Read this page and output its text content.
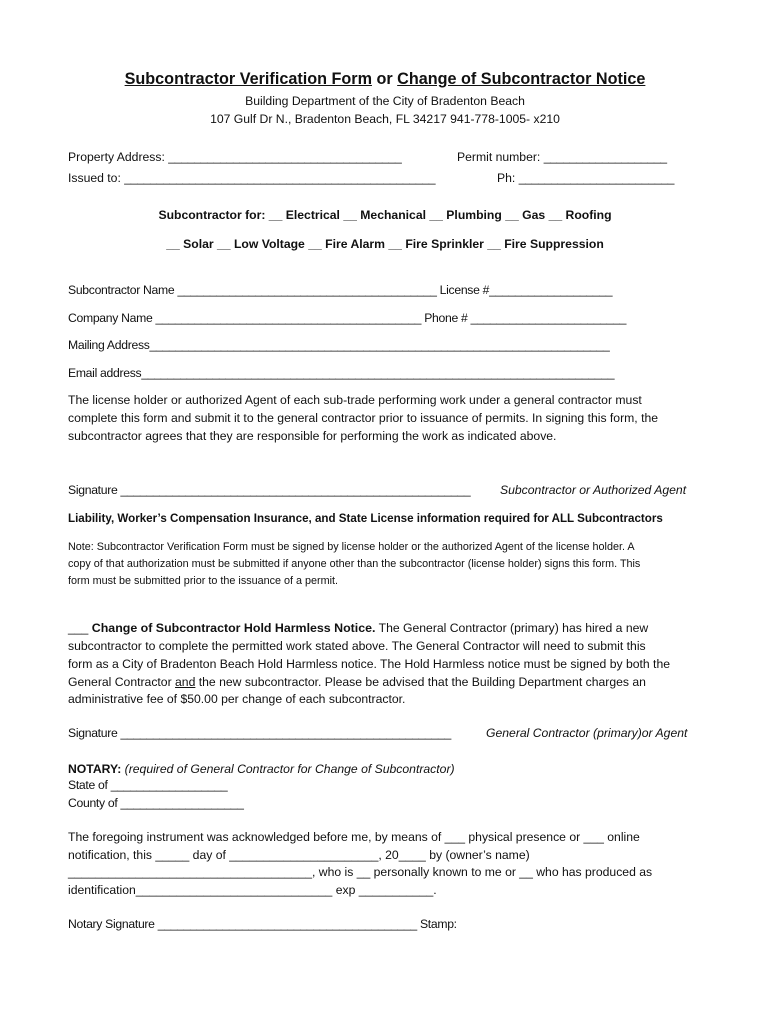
Subcontractor Verification Form or Change of Subcontractor Notice
Building Department of the City of Bradenton Beach
107 Gulf Dr N., Bradenton Beach, FL 34217 941-778-1005- x210
Property Address: ____________________________________	Permit number: ___________________
Issued to: ________________________________________________	Ph: ________________________
Subcontractor for: __ Electrical __ Mechanical __ Plumbing __ Gas __ Roofing
__ Solar __ Low Voltage __ Fire Alarm __ Fire Sprinkler __ Fire Suppression
Subcontractor Name ________________________________________ License #___________________
Company Name _________________________________________ Phone # ________________________
Mailing Address_______________________________________________________________________
Email address_________________________________________________________________________
The license holder or authorized Agent of each sub-trade performing work under a general contractor must
complete this form and submit it to the general contractor prior to issuance of permits. In signing this form, the
subcontractor agrees that they are responsible for performing the work as indicated above.
Signature ______________________________________________________ Subcontractor or Authorized Agent
Liability, Worker’s Compensation Insurance, and State License information required for ALL Subcontractors
Note: Subcontractor Verification Form must be signed by license holder or the authorized Agent of the license holder. A
copy of that authorization must be submitted if anyone other than the subcontractor (license holder) signs this form. This
form must be submitted prior to the issuance of a permit.
___ Change of Subcontractor Hold Harmless Notice. The General Contractor (primary) has hired a new
subcontractor to complete the permitted work stated above. The General Contractor will need to submit this
form as a City of Bradenton Beach Hold Harmless notice. The Hold Harmless notice must be signed by both the
General Contractor and the new subcontractor. Please be advised that the Building Department charges an
administrative fee of $50.00 per change of each subcontractor.
Signature ___________________________________________________	General Contractor (primary)or Agent
NOTARY: (required of General Contractor for Change of Subcontractor)
State of __________________
County of ___________________
The foregoing instrument was acknowledged before me, by means of ___ physical presence or ___ online
notification, this _____ day of ______________________, 20____ by (owner’s name)
____________________________________, who is __ personally known to me or __ who has produced as
identification_____________________________ exp ___________.
Notary Signature ________________________________________ Stamp:
